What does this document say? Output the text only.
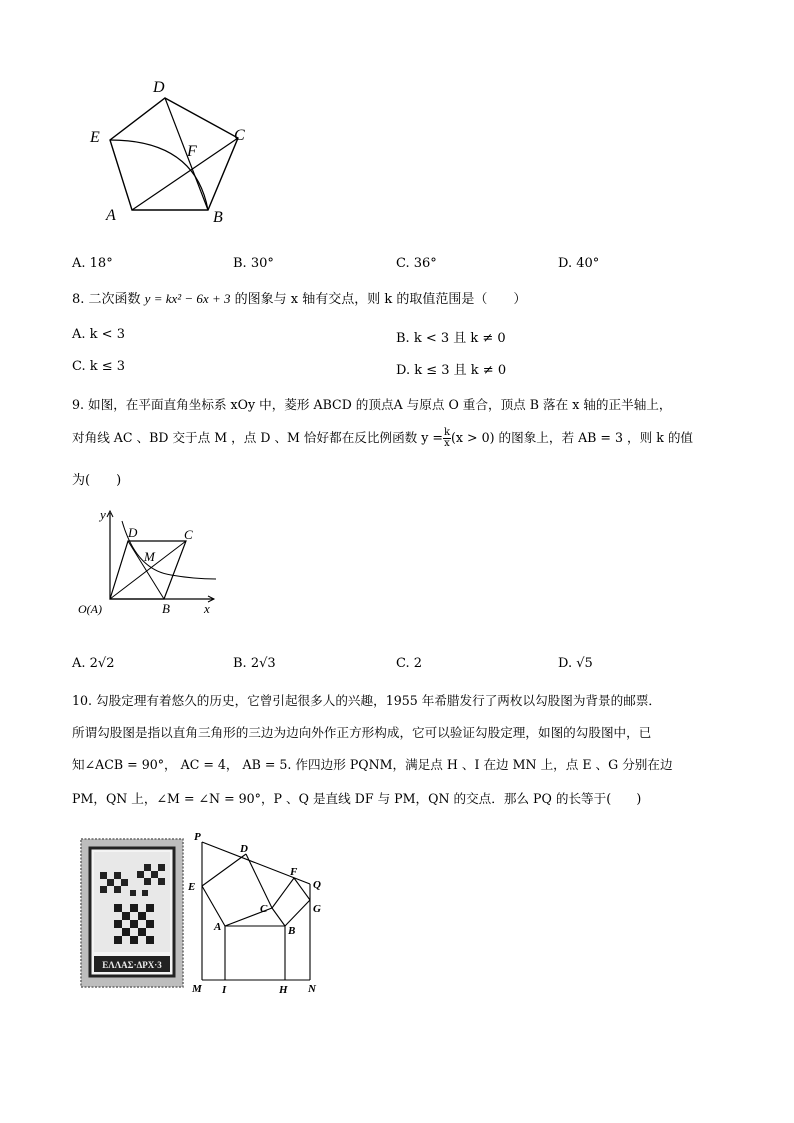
D
E	C
F
A	B
A. 18°	B. 30°	C. 36°	D. 40°
8. 二次函数 y = kx² − 6x + 3 的图象与 x 轴有交点，则 k 的取值范围是（　　）
A. k < 3	B. k < 3 且 k ≠ 0
C. k ≤ 3	D. k ≤ 3 且 k ≠ 0
9. 如图，在平面直角坐标系 xOy 中，菱形 ABCD 的顶点A 与原点 O 重合，顶点 B 落在 x 轴的正半轴上，
对角线 AC 、BD 交于点 M ，点 D 、M 恰好都在反比例函数 $y = \frac{k}{x} (x > 0)$ 的图象上，若 AB = 3 ，则 k 的值
为(　　)
y
D	C
M
O(A)	B	x
A. 2√2	B. 2√3	C. 2	D. √5
10. 勾股定理有着悠久的历史，它曾引起很多人的兴趣，1955 年希腊发行了两枚以勾股图为背景的邮票．
所谓勾股图是指以直角三角形的三边为边向外作正方形构成，它可以验证勾股定理，如图的勾股图中，已
知∠ACB = 90°， AC = 4， AB = 5. 作四边形 PQNM，满足点 H 、I 在边 MN 上，点 E 、G 分别在边
PM，QN 上，∠M = ∠N = 90°，P 、Q 是直线 DF 与 PM，QN 的交点．那么 PQ 的长等于(　　)
ΕΛΛΑΣ·ΔΡΧ·3
P
D
F
Q
E
C	G
A	B
M I	H N
